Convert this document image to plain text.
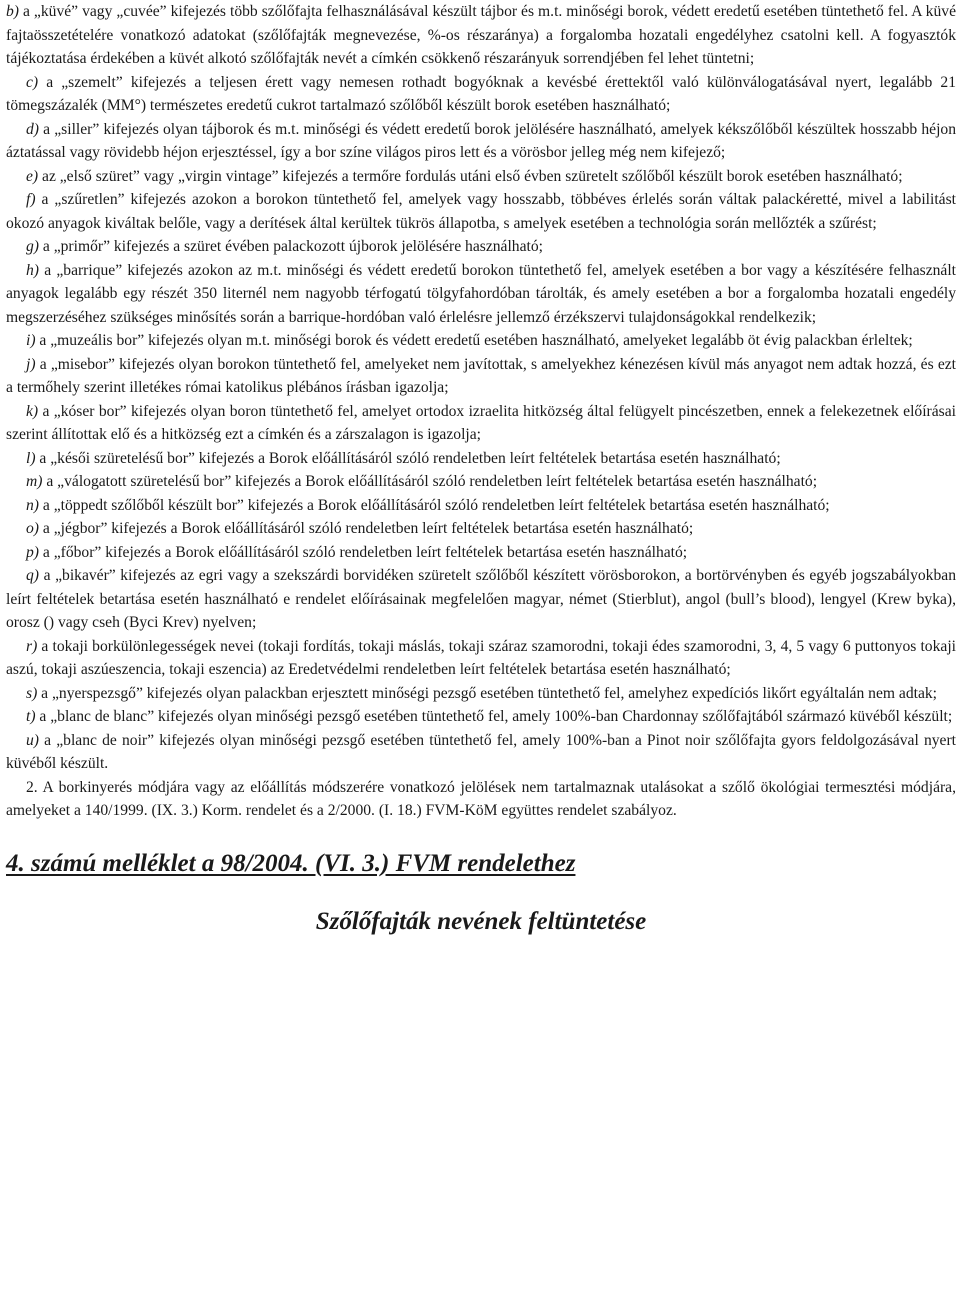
b) a „küvé” vagy „cuvée” kifejezés több szőlőfajta felhasználásával készült tájbor és m.t. minőségi borok, védett eredetű esetében tüntethető fel. A küvé fajtaösszetételére vonatkozó adatokat (szőlőfajták megnevezése, %-os részaránya) a forgalomba hozatali engedélyhez csatolni kell. A fogyasztók tájékoztatása érdekében a küvét alkotó szőlőfajták nevét a címkén csökkenő részarányuk sorrendjében fel lehet tüntetni;

c) a „szemelt” kifejezés a teljesen érett vagy nemesen rothadt bogyóknak a kevésbé érettektől való különválogatásával nyert, legalább 21 tömegszázalék (MM°) természetes eredetű cukrot tartalmazó szőlőből készült borok esetében használható;

d) a „siller” kifejezés olyan tájborok és m.t. minőségi és védett eredetű borok jelölésére használható, amelyek kékszőlőből készültek hosszabb héjon áztatással vagy rövidebb héjon erjesztéssel, így a bor színe világos piros lett és a vörösbor jelleg még nem kifejező;

e) az „első szüret” vagy „virgin vintage” kifejezés a termőre fordulás utáni első évben szüretelt szőlőből készült borok esetében használható;

f) a „szűretlen” kifejezés azokon a borokon tüntethető fel, amelyek vagy hosszabb, többéves érlelés során váltak palackéretté, mivel a labilitást okozó anyagok kiváltak belőle, vagy a derítések által kerültek tükrös állapotba, s amelyek esetében a technológia során mellőzték a szűrést;

g) a „primőr” kifejezés a szüret évében palackozott újborok jelölésére használható;

h) a „barrique” kifejezés azokon az m.t. minőségi és védett eredetű borokon tüntethető fel, amelyek esetében a bor vagy a készítésére felhasznált anyagok legalább egy részét 350 liternél nem nagyobb térfogatú tölgyfahordóban tárolták, és amely esetében a bor a forgalomba hozatali engedély megszerzéséhez szükséges minősítés során a barrique-hordóban való érlelésre jellemző érzékszervi tulajdonságokkal rendelkezik;

i) a „muzeális bor” kifejezés olyan m.t. minőségi borok és védett eredetű esetében használható, amelyeket legalább öt évig palackban érleltek;

j) a „misebor” kifejezés olyan borokon tüntethető fel, amelyeket nem javítottak, s amelyekhez kénezésen kívül más anyagot nem adtak hozzá, és ezt a termőhely szerint illetékes római katolikus plébános írásban igazolja;

k) a „kóser bor” kifejezés olyan boron tüntethető fel, amelyet ortodox izraelita hitközség által felügyelt pincészetben, ennek a felekezetnek előírásai szerint állítottak elő és a hitközség ezt a címkén és a zárszalagon is igazolja;

l) a „késői szüretelésű bor” kifejezés a Borok előállításáról szóló rendeletben leírt feltételek betartása esetén használható;

m) a „válogatott szüretelésű bor” kifejezés a Borok előállításáról szóló rendeletben leírt feltételek betartása esetén használható;

n) a „töppedt szőlőből készült bor” kifejezés a Borok előállításáról szóló rendeletben leírt feltételek betartása esetén használható;

o) a „jégbor” kifejezés a Borok előállításáról szóló rendeletben leírt feltételek betartása esetén használható;

p) a „főbor” kifejezés a Borok előállításáról szóló rendeletben leírt feltételek betartása esetén használható;

q) a „bikavér” kifejezés az egri vagy a szekszárdi borvidéken szüretelt szőlőből készített vörösborokon, a bortörvényben és egyéb jogszabályokban leírt feltételek betartása esetén használható e rendelet előírásainak megfelelően magyar, német (Stierblut), angol (bull’s blood), lengyel (Krew byka), orosz () vagy cseh (Byci Krev) nyelven;

r) a tokaji borkülönlegességek nevei (tokaji fordítás, tokaji máslás, tokaji száraz szamorodni, tokaji édes szamorodni, 3, 4, 5 vagy 6 puttonyos tokaji aszú, tokaji aszúeszencia, tokaji eszencia) az Eredetvédelmi rendeletben leírt feltételek betartása esetén használható;

s) a „nyerspezsgő” kifejezés olyan palackban erjesztett minőségi pezsgő esetében tüntethető fel, amelyhez expedíciós likőrt egyáltalán nem adtak;

t) a „blanc de blanc” kifejezés olyan minőségi pezsgő esetében tüntethető fel, amely 100%-ban Chardonnay szőlőfajtából származó küvéből készült;

u) a „blanc de noir” kifejezés olyan minőségi pezsgő esetében tüntethető fel, amely 100%-ban a Pinot noir szőlőfajta gyors feldolgozásával nyert küvéből készült.

2. A borkinyerés módjára vagy az előállítás módszerére vonatkozó jelölések nem tartalmaznak utalásokat a szőlő ökológiai termesztési módjára, amelyeket a 140/1999. (IX. 3.) Korm. rendelet és a 2/2000. (I. 18.) FVM-KöM együttes rendelet szabályoz.

4. számú melléklet a 98/2004. (VI. 3.) FVM rendelethez
Szőlőfajták nevének feltüntetése
